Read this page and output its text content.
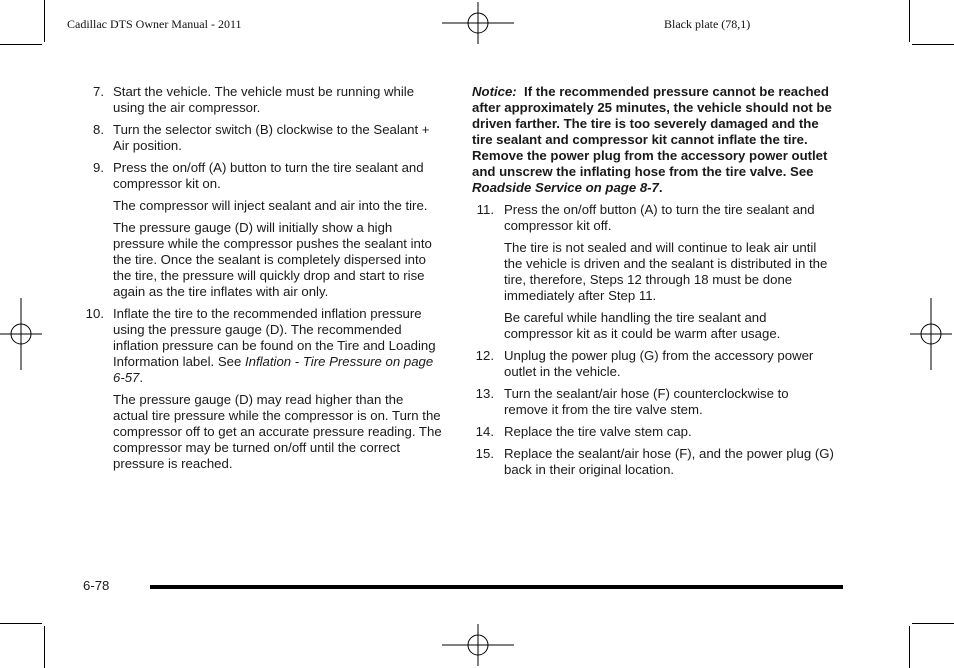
Cadillac DTS Owner Manual - 2011	Black plate (78,1)
7. Start the vehicle. The vehicle must be running while using the air compressor.
8. Turn the selector switch (B) clockwise to the Sealant + Air position.
9. Press the on/off (A) button to turn the tire sealant and compressor kit on.
The compressor will inject sealant and air into the tire.
The pressure gauge (D) will initially show a high pressure while the compressor pushes the sealant into the tire. Once the sealant is completely dispersed into the tire, the pressure will quickly drop and start to rise again as the tire inflates with air only.
10. Inflate the tire to the recommended inflation pressure using the pressure gauge (D). The recommended inflation pressure can be found on the Tire and Loading Information label. See Inflation - Tire Pressure on page 6-57.
The pressure gauge (D) may read higher than the actual tire pressure while the compressor is on. Turn the compressor off to get an accurate pressure reading. The compressor may be turned on/off until the correct pressure is reached.
Notice: If the recommended pressure cannot be reached after approximately 25 minutes, the vehicle should not be driven farther. The tire is too severely damaged and the tire sealant and compressor kit cannot inflate the tire. Remove the power plug from the accessory power outlet and unscrew the inflating hose from the tire valve. See Roadside Service on page 8-7.
11. Press the on/off button (A) to turn the tire sealant and compressor kit off.
The tire is not sealed and will continue to leak air until the vehicle is driven and the sealant is distributed in the tire, therefore, Steps 12 through 18 must be done immediately after Step 11.
Be careful while handling the tire sealant and compressor kit as it could be warm after usage.
12. Unplug the power plug (G) from the accessory power outlet in the vehicle.
13. Turn the sealant/air hose (F) counterclockwise to remove it from the tire valve stem.
14. Replace the tire valve stem cap.
15. Replace the sealant/air hose (F), and the power plug (G) back in their original location.
6-78
